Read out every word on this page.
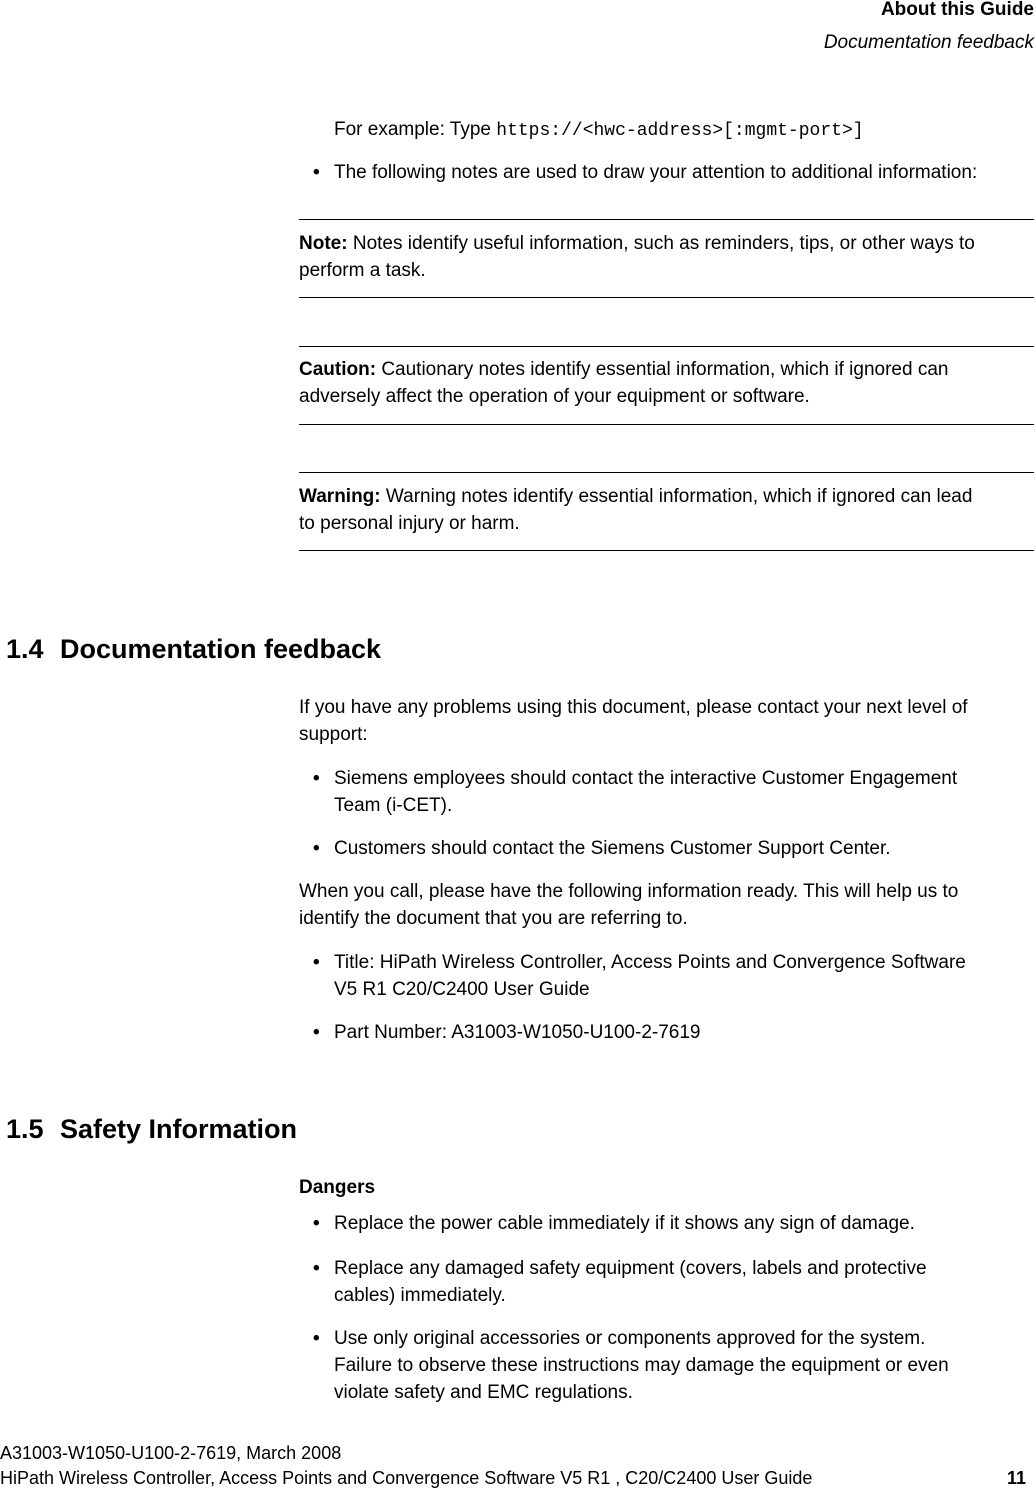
About this Guide
Documentation feedback
For example: Type https://<hwc-address>[:mgmt-port>]
• The following notes are used to draw your attention to additional information:
Note: Notes identify useful information, such as reminders, tips, or other ways to
perform a task.
Caution: Cautionary notes identify essential information, which if ignored can
adversely affect the operation of your equipment or software.
Warning: Warning notes identify essential information, which if ignored can lead
to personal injury or harm.
1.4 Documentation feedback
If you have any problems using this document, please contact your next level of
support:
• Siemens employees should contact the interactive Customer Engagement
Team (i-CET).
• Customers should contact the Siemens Customer Support Center.
When you call, please have the following information ready. This will help us to
identify the document that you are referring to.
• Title: HiPath Wireless Controller, Access Points and Convergence Software
V5 R1 C20/C2400 User Guide
• Part Number: A31003-W1050-U100-2-7619
1.5 Safety Information
Dangers
• Replace the power cable immediately if it shows any sign of damage.
• Replace any damaged safety equipment (covers, labels and protective
cables) immediately.
• Use only original accessories or components approved for the system.
Failure to observe these instructions may damage the equipment or even
violate safety and EMC regulations.
A31003-W1050-U100-2-7619, March 2008
HiPath Wireless Controller, Access Points and Convergence Software V5 R1 , C20/C2400 User Guide	11
